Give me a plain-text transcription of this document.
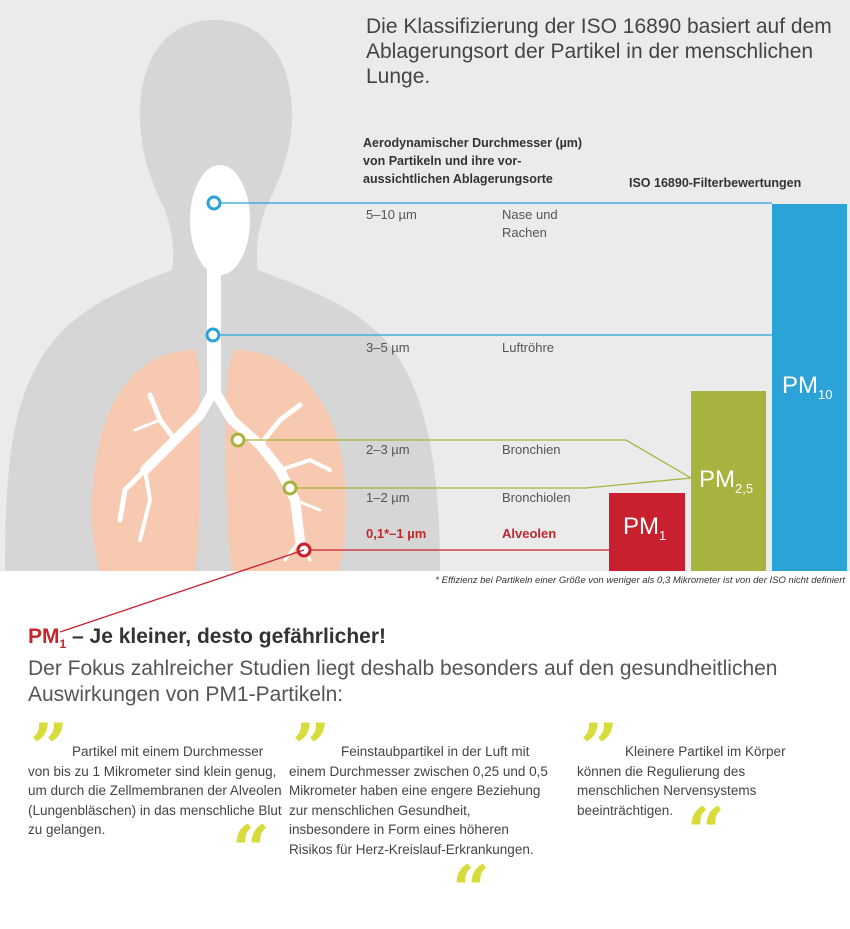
Die Klassifizierung der ISO 16890 basiert auf dem Ablagerungsort der Partikel in der menschlichen Lunge.
Aerodynamischer Durchmesser (µm) von Partikeln und ihre vor-aussichtlichen Ablagerungsorte	ISO 16890-Filterbewertungen
5–10 µm	Nase und Rachen
3–5 µm	Luftröhre
2–3 µm	Bronchien
1–2 µm	Bronchiolen
0,1*–1 µm	Alveolen
$PM_{10}$
$PM_{2,5}$
$PM_1$
* Effizienz bei Partikeln einer Größe von weniger als 0,3 Mikrometer ist von der ISO nicht definiert
$PM_1$ – Je kleiner, desto gefährlicher!
Der Fokus zahlreicher Studien liegt deshalb besonders auf den gesundheitlichen Auswirkungen von PM1-Partikeln:
” Partikel mit einem Durchmesser von bis zu 1 Mikrometer sind klein genug, um durch die Zellmembranen der Alveolen (Lungenbläschen) in das menschliche Blut zu gelangen.	“
” Feinstaubpartikel in der Luft mit einem Durchmesser zwischen 0,25 und 0,5 Mikrometer haben eine engere Beziehung zur menschlichen Gesundheit, insbesondere in Form eines höheren Risikos für Herz-Kreislauf-Erkrankungen.
“
” Kleinere Partikel im Körper können die Regulierung des menschlichen Nervensystems beeinträchtigen. “
